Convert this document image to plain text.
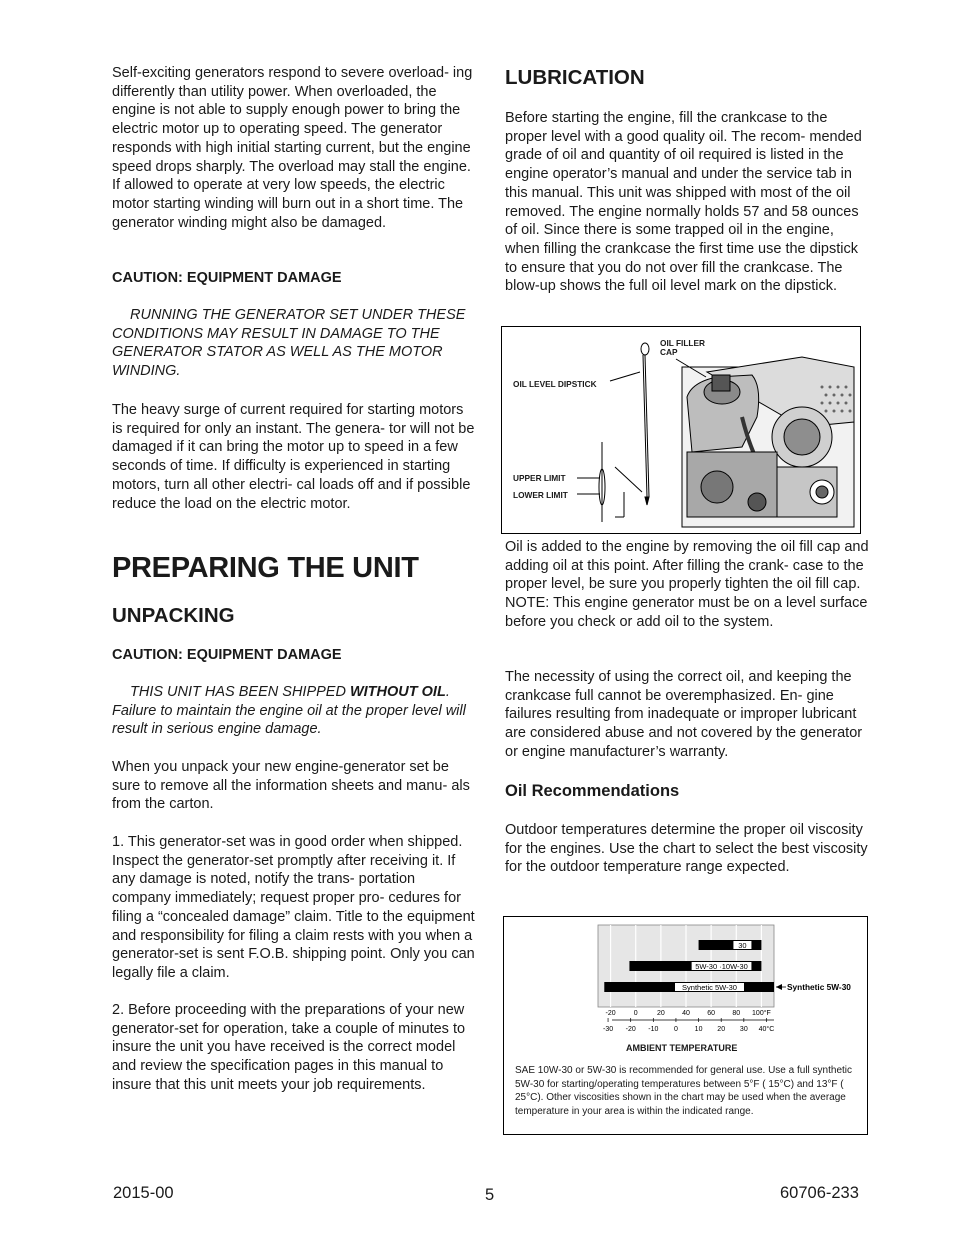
Self-exciting generators respond to severe overload- ing differently than utility power. When overloaded, the engine is not able to supply enough power to bring the electric motor up to operating speed. The generator responds with high initial starting current, but the engine speed drops sharply. The overload may stall the engine. If allowed to operate at very low speeds, the electric motor starting winding will burn out in a short time. The generator winding might also be damaged.

CAUTION: EQUIPMENT DAMAGE

RUNNING THE GENERATOR SET UNDER THESE CONDITIONS MAY RESULT IN DAMAGE TO THE GENERATOR STATOR AS WELL AS THE MOTOR WINDING.

The heavy surge of current required for starting motors is required for only an instant. The genera- tor will not be damaged if it can bring the motor up to speed in a few seconds of time. If difficulty is experienced in starting motors, turn all other electri- cal loads off and if possible reduce the load on the electric motor.

PREPARING THE UNIT
UNPACKING
CAUTION: EQUIPMENT DAMAGE

THIS UNIT HAS BEEN SHIPPED WITHOUT OIL. Failure to maintain the engine oil at the proper level will result in serious engine damage.

When you unpack your new engine-generator set be sure to remove all the information sheets and manu- als from the carton.

1. This generator-set was in good order when shipped. Inspect the generator-set promptly after receiving it. If any damage is noted, notify the trans- portation company immediately; request proper pro- cedures for filing a “concealed damage” claim. Title to the equipment and responsibility for filing a claim rests with you when a generator-set is sent F.O.B. shipping point. Only you can legally file a claim.

2. Before proceeding with the preparations of your new generator-set for operation, take a couple of minutes to insure the unit you have received is the correct model and review the specification pages in this manual to insure that this unit meets your job requirements.

LUBRICATION

Before starting the engine, fill the crankcase to the proper level with a good quality oil. The recom- mended grade of oil and quantity of oil required is listed in the engine operator’s manual and under the service tab in this manual. This unit was shipped with most of the oil removed. The engine normally holds 57 and 58 ounces of oil. Since there is some trapped oil in the engine, when filling the crankcase the first time use the dipstick to ensure that you do not over fill the crankcase. The blow-up shows the full oil level mark on the dipstick.

OIL FILLER CAP
OIL LEVEL DIPSTICK
UPPER LIMIT
LOWER LIMIT

Oil is added to the engine by removing the oil fill cap and adding oil at this point. After filling the crank- case to the proper level, be sure you properly tighten the oil fill cap. NOTE: This engine generator must be on a level surface before you check or add oil to the system.

The necessity of using the correct oil, and keeping the crankcase full cannot be overemphasized. En- gine failures resulting from inadequate or improper lubricant are considered abuse and not covered by the generator or engine manufacturer’s warranty.

Oil Recommendations

Outdoor temperatures determine the proper oil viscosity for the engines. Use the chart to select the best viscosity for the outdoor temperature range expected.

30
5W-30 ·10W-30
Synthetic 5W-30	Synthetic 5W-30
-20	0	20 40 60 80 100°F
-30 -20 -10 0 10 20 30 40°C
AMBIENT TEMPERATURE

SAE 10W-30 or 5W-30 is recommended for general use. Use a full synthetic 5W-30 for starting/operating temperatures between 5°F ( 15°C) and 13°F ( 25°C). Other viscosities shown in the chart may be used when the average temperature in your area is within the indicated range.

2015-00	5	60706-233
